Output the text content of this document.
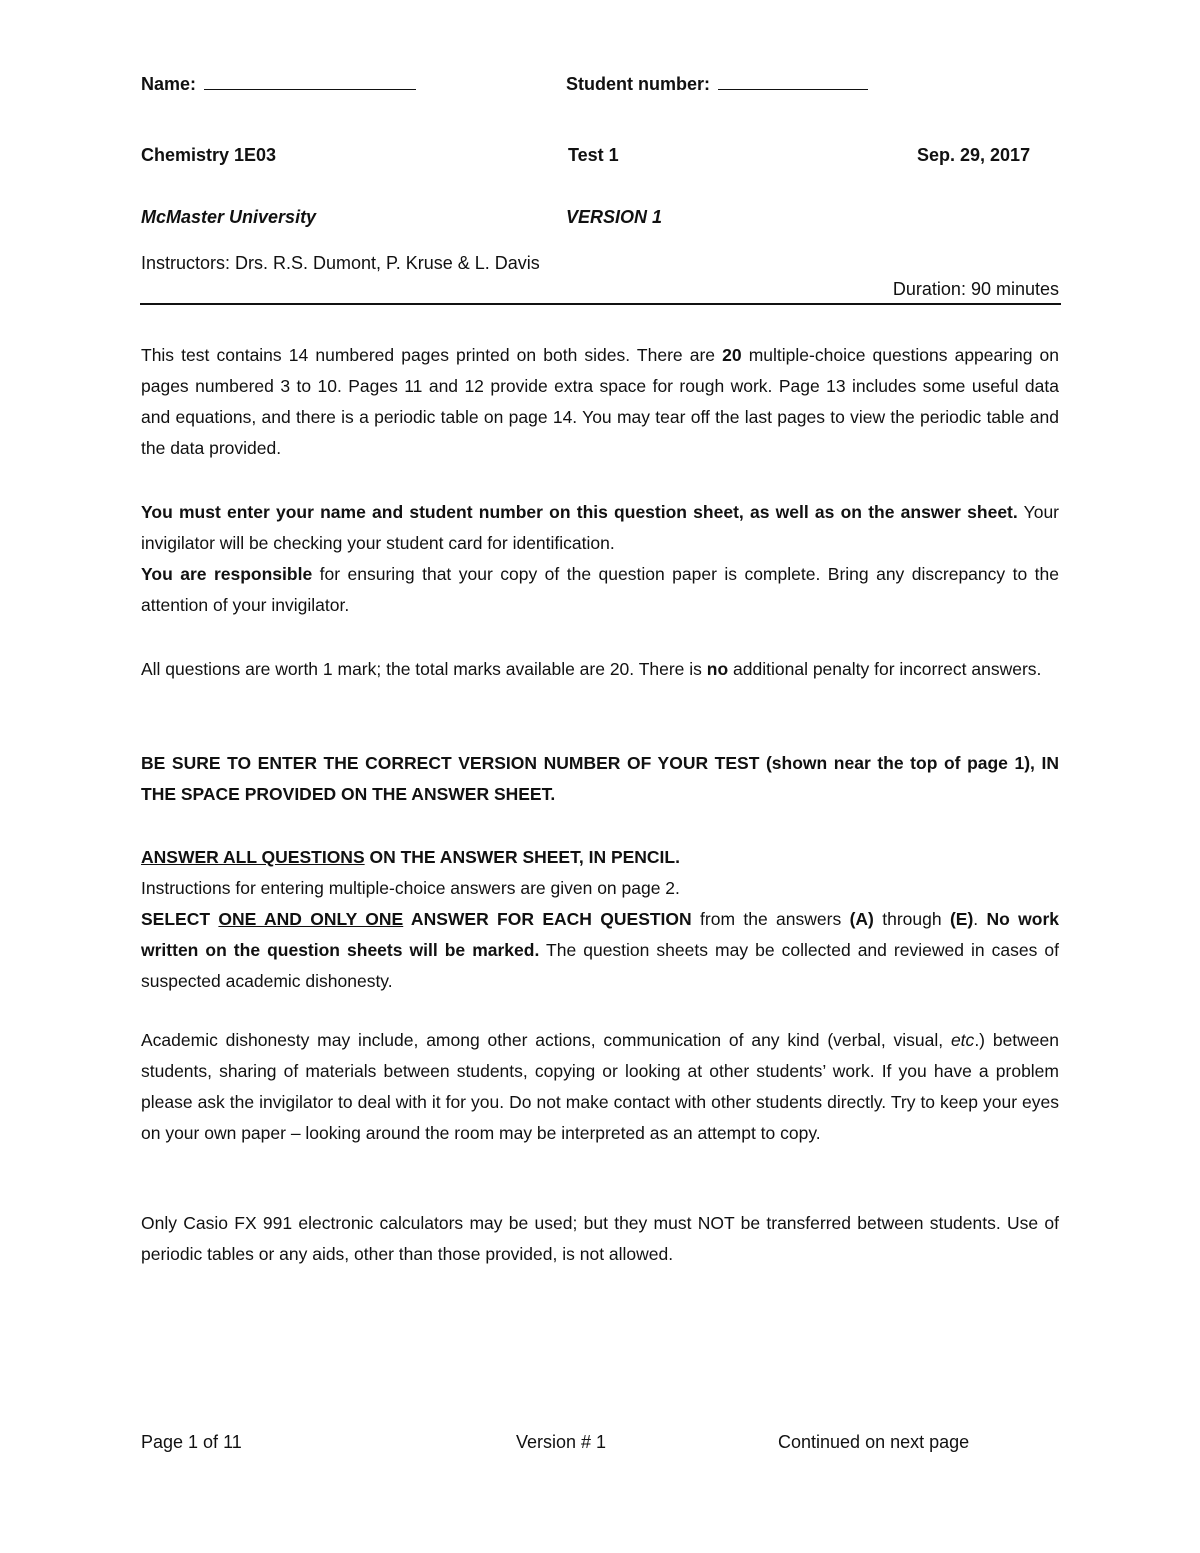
Name:	Student number:
Chemistry 1E03	Test 1	Sep. 29, 2017
McMaster University	VERSION 1
Instructors: Drs. R.S. Dumont, P. Kruse & L. Davis
Duration: 90 minutes

This test contains 14 numbered pages printed on both sides. There are 20 multiple-choice questions appearing on pages numbered 3 to 10. Pages 11 and 12 provide extra space for rough work. Page 13 includes some useful data and equations, and there is a periodic table on page 14. You may tear off the last pages to view the periodic table and the data provided.

You must enter your name and student number on this question sheet, as well as on the answer sheet. Your invigilator will be checking your student card for identification.

You are responsible for ensuring that your copy of the question paper is complete. Bring any discrepancy to the attention of your invigilator.

All questions are worth 1 mark; the total marks available are 20. There is no additional penalty for incorrect answers.

BE SURE TO ENTER THE CORRECT VERSION NUMBER OF YOUR TEST (shown near the top of page 1), IN THE SPACE PROVIDED ON THE ANSWER SHEET.

ANSWER ALL QUESTIONS ON THE ANSWER SHEET, IN PENCIL.

Instructions for entering multiple-choice answers are given on page 2.

SELECT ONE AND ONLY ONE ANSWER FOR EACH QUESTION from the answers (A) through (E). No work written on the question sheets will be marked. The question sheets may be collected and reviewed in cases of suspected academic dishonesty.

Academic dishonesty may include, among other actions, communication of any kind (verbal, visual, etc.) between students, sharing of materials between students, copying or looking at other students’ work. If you have a problem please ask the invigilator to deal with it for you. Do not make contact with other students directly. Try to keep your eyes on your own paper – looking around the room may be interpreted as an attempt to copy.

Only Casio FX 991 electronic calculators may be used; but they must NOT be transferred between students. Use of periodic tables or any aids, other than those provided, is not allowed.

Page 1 of 11	Version # 1	Continued on next page
